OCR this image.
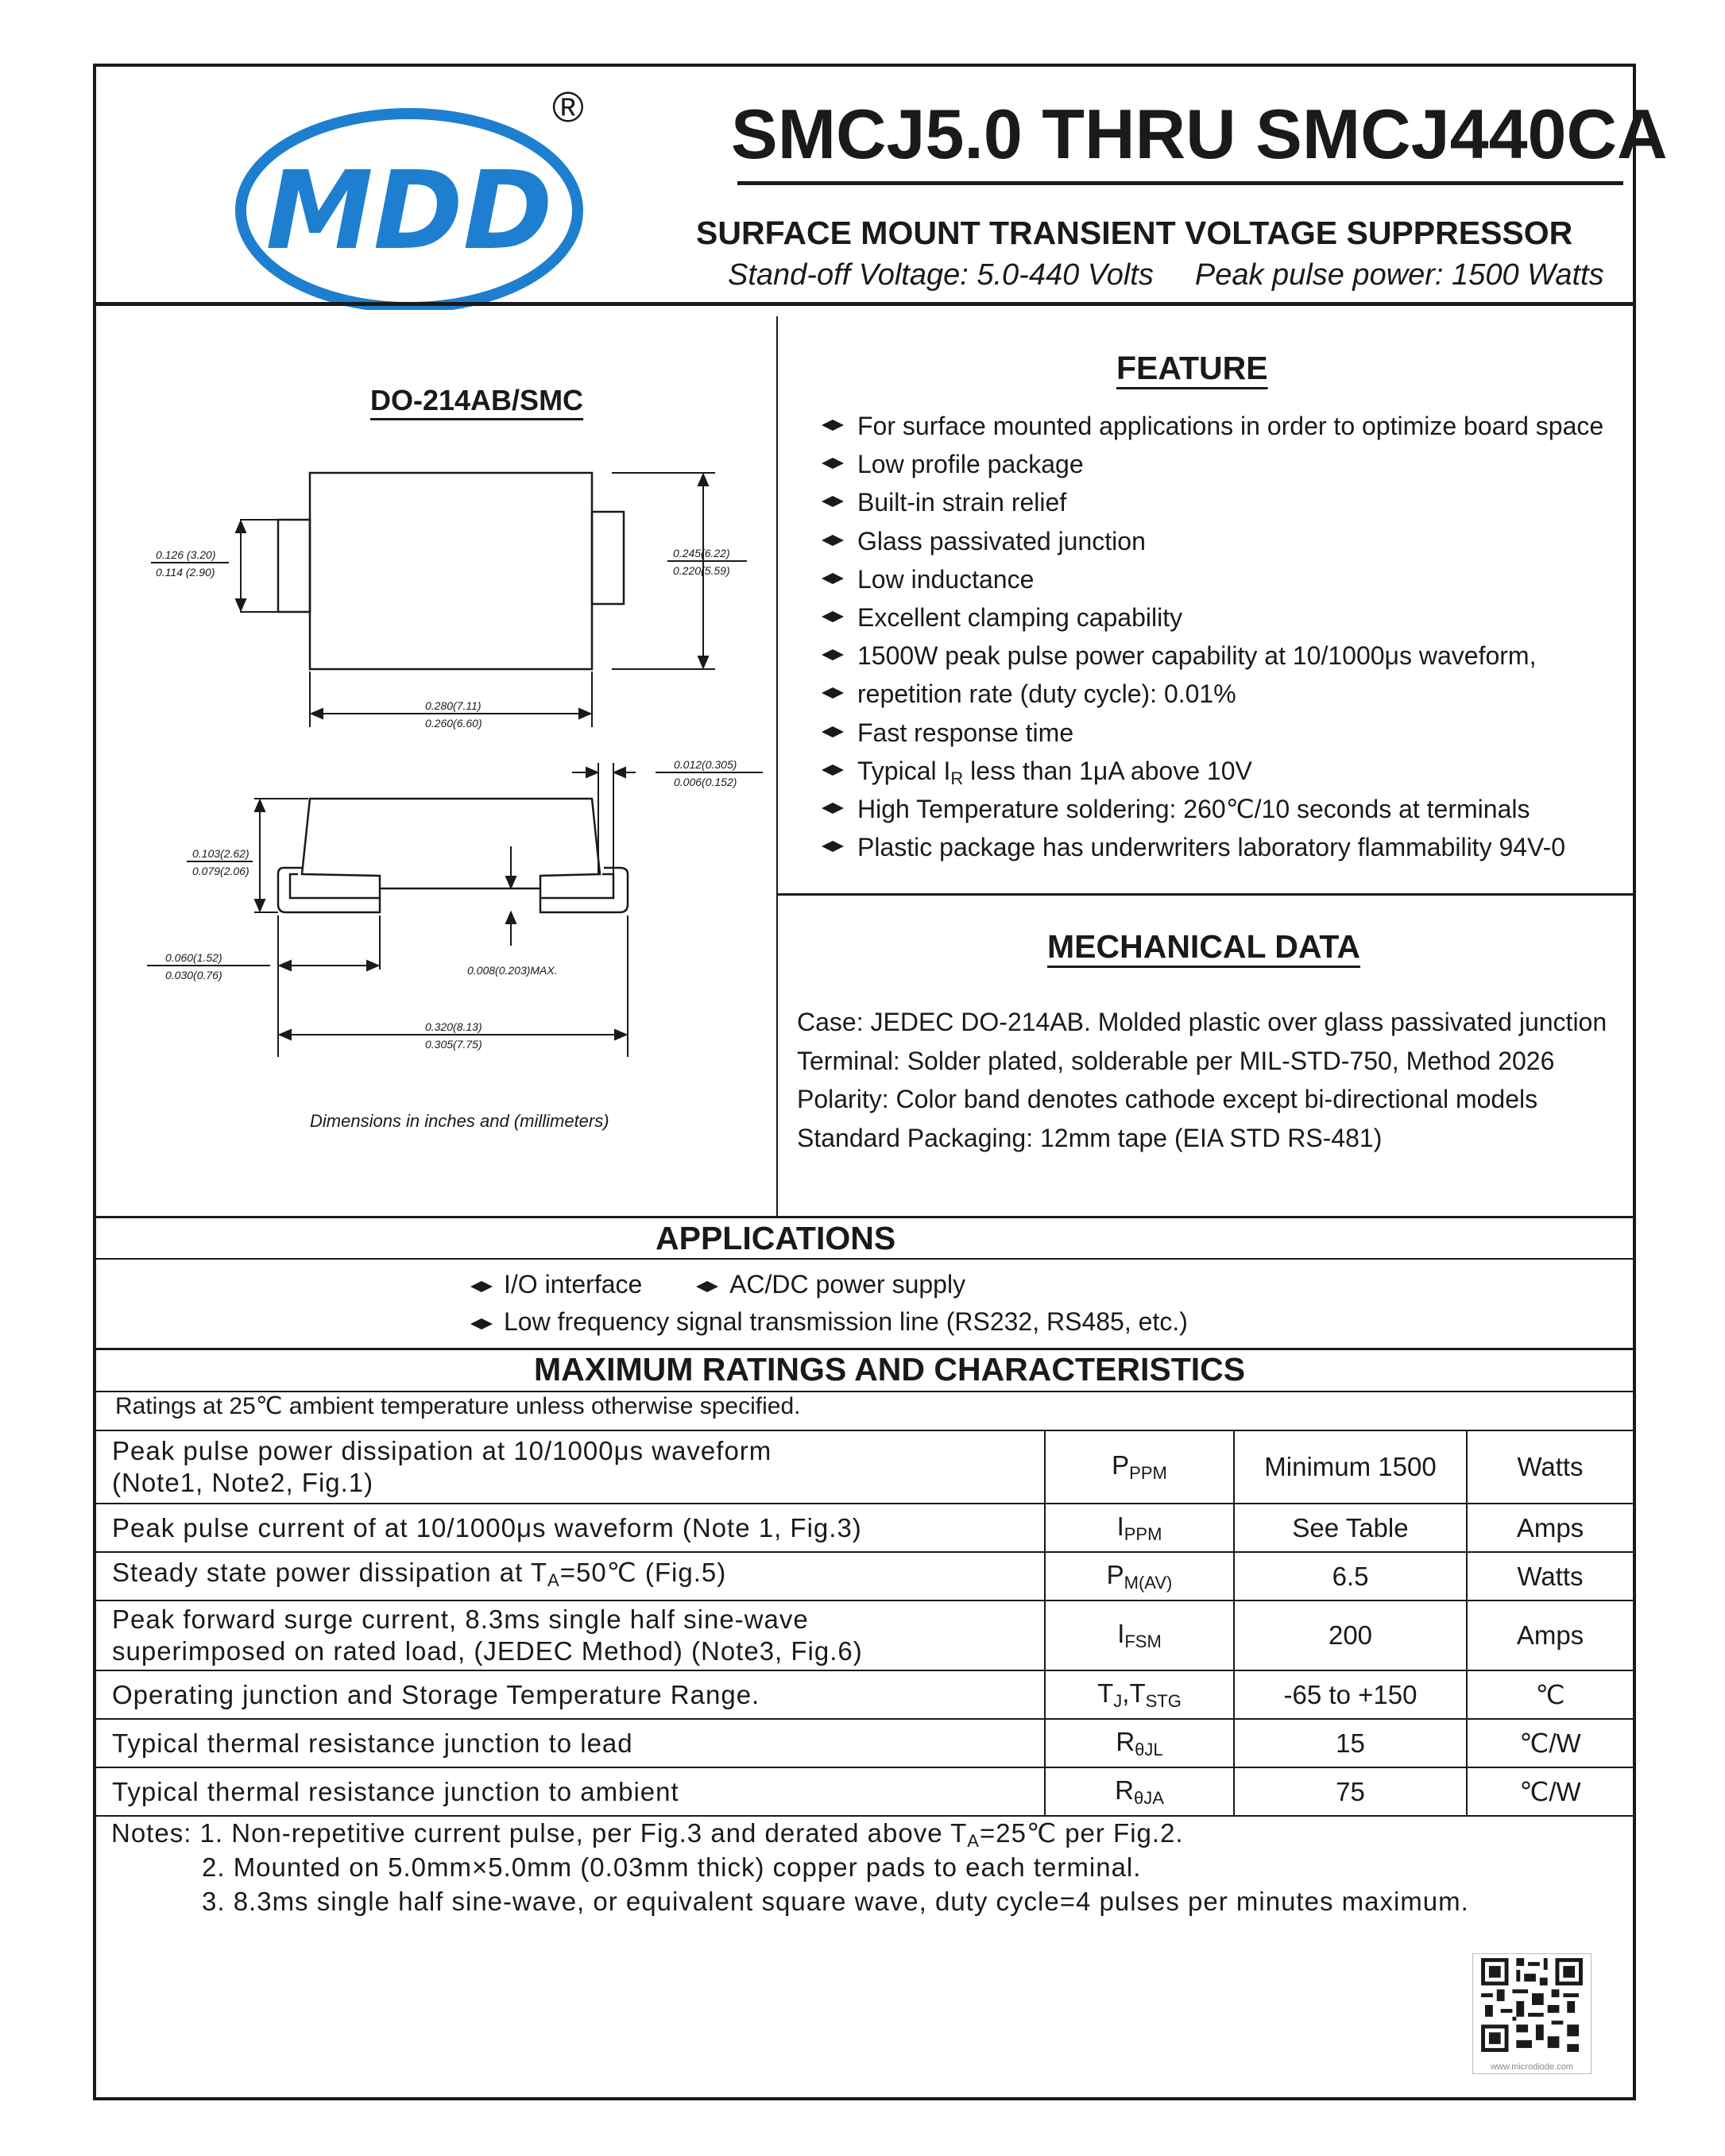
MDD
® SMCJ5.0 THRU SMCJ440CA
SURFACE MOUNT TRANSIENT VOLTAGE SUPPRESSOR
Stand-off Voltage: 5.0-440 Volts Peak pulse power: 1500 Watts
DO-214AB/SMC
0.126 (3.20)
0.114 (2.90)
0.245(6.22)
0.220(5.59)
0.280(7.11)
0.260(6.60)
0.012(0.305)
0.006(0.152)
0.103(2.62)
0.079(2.06)
0.060(1.52)
0.030(0.76)	0.008(0.203)MAX.
0.320(8.13)
0.305(7.75)
Dimensions in inches and (millimeters)
FEATURE
For surface mounted applications in order to optimize board space
Low profile package
Built-in strain relief
Glass passivated junction
Low inductance
Excellent clamping capability
1500W peak pulse power capability at 10/1000μs waveform,
repetition rate (duty cycle): 0.01%
Fast response time
Typical $I_R$ less than 1μA above 10V
High Temperature soldering: 260℃/10 seconds at terminals
Plastic package has underwriters laboratory flammability 94V-0
MECHANICAL DATA
Case: JEDEC DO-214AB. Molded plastic over glass passivated junction
Terminal: Solder plated, solderable per MIL-STD-750, Method 2026
Polarity: Color band denotes cathode except bi-directional models
Standard Packaging: 12mm tape (EIA STD RS-481)
APPLICATIONS
I/O interface	AC/DC power supply
Low frequency signal transmission line (RS232, RS485, etc.)
MAXIMUM RATINGS AND CHARACTERISTICS
Ratings at 25℃ ambient temperature unless otherwise specified.
Peak pulse power dissipation at 10/1000μs waveform
(Note1, Note2, Fig.1)	$P_{PPM}$	Minimum 1500	Watts
Peak pulse current of at 10/1000μs waveform (Note 1, Fig.3)	$I_{PPM}$	See Table	Amps
Steady state power dissipation at $T_A=50℃$ (Fig.5)	$P_{M(AV)}$	6.5	Watts
Peak forward surge current, 8.3ms single half sine-wave
superimposed on rated load, (JEDEC Method) (Note3, Fig.6)	$I_{FSM}$	200	Amps
Operating junction and Storage Temperature Range.	$T_J,T_{STG}$	-65 to +150	℃
Typical thermal resistance junction to lead	$R_{\theta JL}$	15	℃/W
Typical thermal resistance junction to ambient	$R_{\theta JA}$	75	℃/W
Notes: 1. Non-repetitive current pulse, per Fig.3 and derated above $T_A=25℃$ per Fig.2.
2. Mounted on 5.0mm×5.0mm (0.03mm thick) copper pads to each terminal.
3. 8.3ms single half sine-wave, or equivalent square wave, duty cycle=4 pulses per minutes maximum.
www.microdiode.com
